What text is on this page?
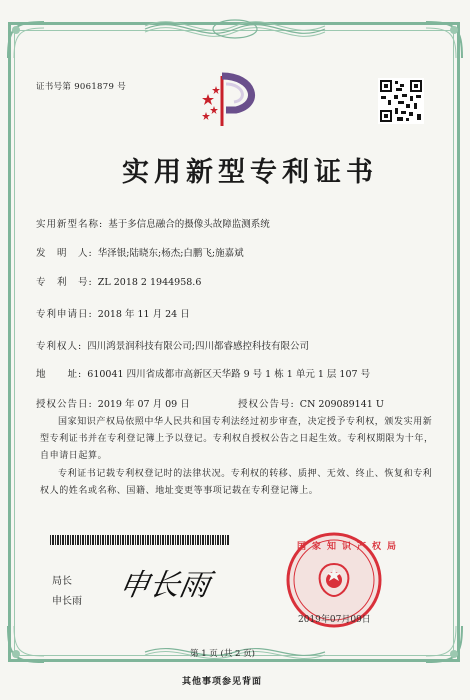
证书号第 9061879 号
实用新型专利证书
实用新型名称: 基于多信息融合的摄像头故障监测系统
发　明　人: 华泽银;陆晓东;杨杰;白鹏飞;施嘉斌
专　利　号: ZL 2018 2 1944958.6
专利申请日: 2018 年 11 月 24 日
专利权人: 四川鸿景润科技有限公司;四川都睿感控科技有限公司
地　　址: 610041 四川省成都市高新区天华路 9 号 1 栋 1 单元 1 层 107 号
授权公告日: 2019 年 07 月 09 日	授权公告号: CN 209089141 U
国家知识产权局依照中华人民共和国专利法经过初步审查，决定授予专利权，颁发实用新型专利证书并在专利登记簿上予以登记。专利权自授权公告之日起生效。专利权期限为十年，自申请日起算。
专利证书记载专利权登记时的法律状况。专利权的转移、质押、无效、终止、恢复和专利权人的姓名或名称、国籍、地址变更等事项记载在专利登记簿上。
局长
申长雨 申长雨
国家知识产权局
2019年07月09日
第 1 页 (共 2 页)
其他事项参见背面
